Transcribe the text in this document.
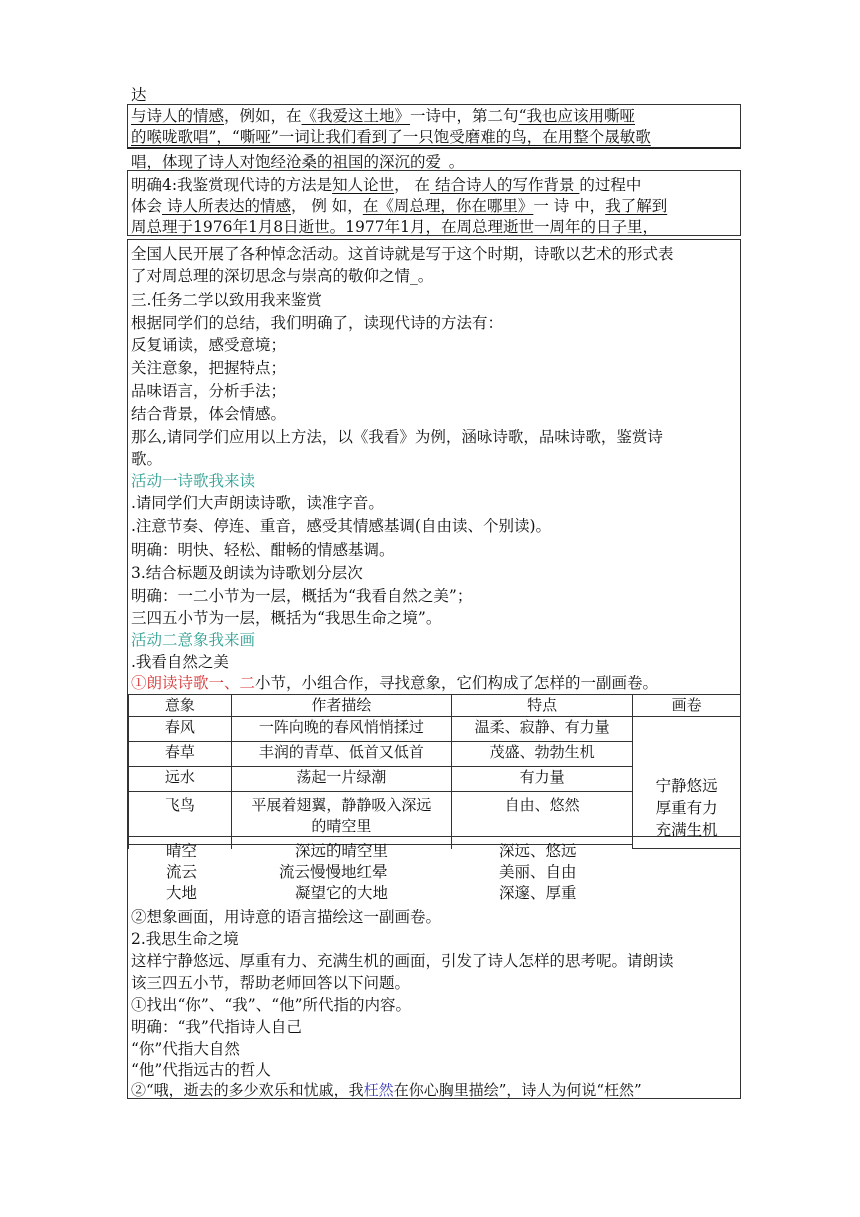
达
与诗人的情感，例如，在《我爱这土地》一诗中，第二句“我也应该用嘶哑
的喉咙歌唱”，“嘶哑”一词让我们看到了一只饱受磨难的鸟，在用整个晟敏歌
唱，体现了诗人对饱经沧桑的祖国的深沉的爱_。
明确4:我鉴赏现代诗的方法是知人论世， 在 结合诗人的写作背景 的过程中
体会 诗人所表达的情感， 例 如，在《周总理，你在哪里》一 诗 中，我了解到
周总理于1976年1月8日逝世。1977年1月，在周总理逝世一周年的日子里，
全国人民开展了各种悼念活动。这首诗就是写于这个时期，诗歌以艺术的形式表
了对周总理的深切思念与崇高的敬仰之情_。
三.任务二学以致用我来鉴赏
根据同学们的总结，我们明确了，读现代诗的方法有：
反复诵读，感受意境；
关注意象，把握特点；
品味语言，分析手法；
结合背景，体会情感。
那么,请同学们应用以上方法，以《我看》为例，涵咏诗歌，品味诗歌，鉴赏诗
歌。
活动一诗歌我来读
.请同学们大声朗读诗歌，读准字音。
.注意节奏、停连、重音，感受其情感基调(自由读、个别读)。
明确：明快、轻松、酣畅的情感基调。
3.结合标题及朗读为诗歌划分层次
明确：一二小节为一层，概括为“我看自然之美”；
三四五小节为一层，概括为“我思生命之境”。
活动二意象我来画
.我看自然之美
①朗读诗歌一、二小节，小组合作，寻找意象，它们构成了怎样的一副画卷。
意象	作者描绘	特点	画卷
春风	一阵向晚的春风悄悄揉过	温柔、寂静、有力量	宁静悠远
厚重有力
充满生机

春草	丰润的青草、低首又低首	茂盛、勃勃生机	
远水	荡起一片绿潮	有力量	
飞鸟	平展着翅翼，静静吸入深远
的晴空里	自由、悠然	

晴空	深远的晴空里	深远、悠远
流云	流云慢慢地红晕	美丽、自由
大地	凝望它的大地	深邃、厚重
②想象画面，用诗意的语言描绘这一副画卷。
2.我思生命之境
这样宁静悠远、厚重有力、充满生机的画面，引发了诗人怎样的思考呢。请朗读
该三四五小节，帮助老师回答以下问题。
①找出“你”、“我”、“他”所代指的内容。
明确：“我”代指诗人自己
“你”代指大自然
“他”代指远古的哲人
②“哦，逝去的多少欢乐和忧戚，我枉然在你心胸里描绘”，诗人为何说“枉然”
